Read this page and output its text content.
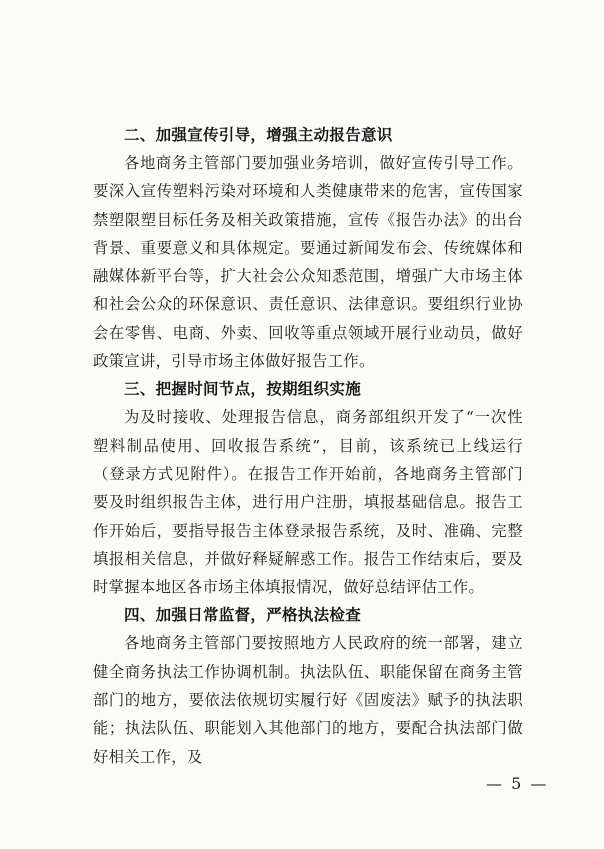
二、加强宣传引导，增强主动报告意识

各地商务主管部门要加强业务培训，做好宣传引导工作。要深入宣传塑料污染对环境和人类健康带来的危害，宣传国家禁塑限塑目标任务及相关政策措施，宣传《报告办法》的出台背景、重要意义和具体规定。要通过新闻发布会、传统媒体和融媒体新平台等，扩大社会公众知悉范围，增强广大市场主体和社会公众的环保意识、责任意识、法律意识。要组织行业协会在零售、电商、外卖、回收等重点领域开展行业动员，做好政策宣讲，引导市场主体做好报告工作。

三、把握时间节点，按期组织实施

为及时接收、处理报告信息，商务部组织开发了“一次性塑料制品使用、回收报告系统”，目前，该系统已上线运行（登录方式见附件）。在报告工作开始前，各地商务主管部门要及时组织报告主体，进行用户注册，填报基础信息。报告工作开始后，要指导报告主体登录报告系统，及时、准确、完整填报相关信息，并做好释疑解惑工作。报告工作结束后，要及时掌握本地区各市场主体填报情况，做好总结评估工作。

四、加强日常监督，严格执法检查

各地商务主管部门要按照地方人民政府的统一部署，建立健全商务执法工作协调机制。执法队伍、职能保留在商务主管部门的地方，要依法依规切实履行好《固废法》赋予的执法职能；执法队伍、职能划入其他部门的地方，要配合执法部门做好相关工作，及

— 5 —
